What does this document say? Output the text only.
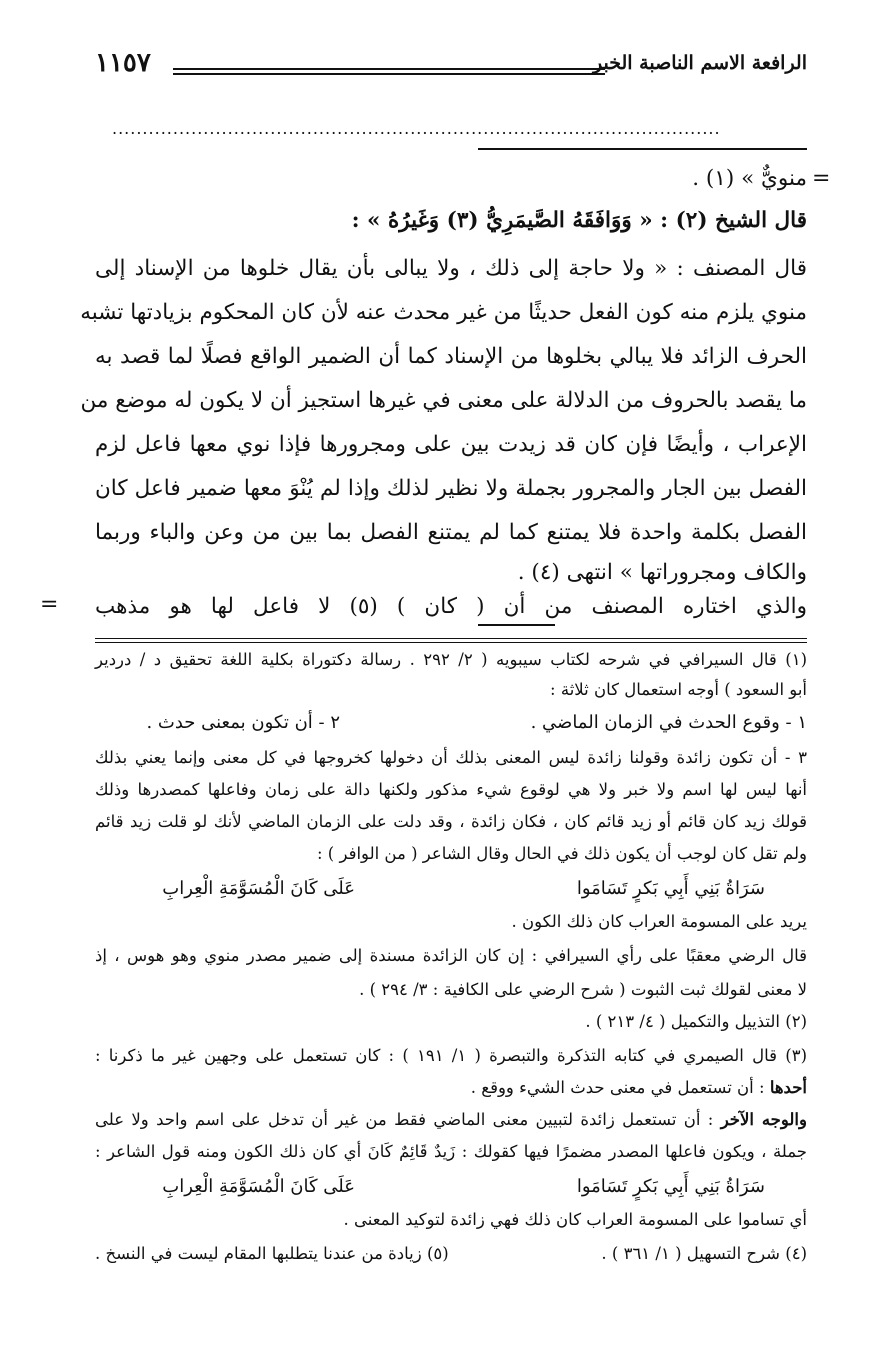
الرافعة الاسم الناصبة الخبر
١١٥٧
....................................................................................................
=
=
منويٌّ » (١) .
قال الشيخ (٢) : « وَوَافَقَهُ الصَّيمَرِيُّ (٣) وَغَيرُهُ » :
قال المصنف : « ولا حاجة إلى ذلك ، ولا يبالى بأن يقال خلوها من الإسناد إلى
منوي يلزم منه كون الفعل حديثًا من غير محدث عنه لأن كان المحكوم بزيادتها تشبه
الحرف الزائد فلا يبالي بخلوها من الإسناد كما أن الضمير الواقع فصلًا لما قصد به
ما يقصد بالحروف من الدلالة على معنى في غيرها استجيز أن لا يكون له موضع من
الإعراب ، وأيضًا فإن كان قد زيدت بين على ومجرورها فإذا نوي معها فاعل لزم
الفصل بين الجار والمجرور بجملة ولا نظير لذلك وإذا لم يُنْوَ معها ضمير فاعل كان
الفصل بكلمة واحدة فلا يمتنع كما لم يمتنع الفصل بما بين من وعن والباء وربما
والكاف ومجروراتها » انتهى (٤) .
والذي اختاره المصنف من أن ( كان ) (٥) لا فاعل لها هو مذهب
(١) قال السيرافي في شرحه لكتاب سيبويه ( ٢/ ٢٩٢ . رسالة دكتوراة بكلية اللغة تحقيق د / دردير
أبو السعود ) أوجه استعمال كان ثلاثة :
١ - وقوع الحدث في الزمان الماضي .
٢ - أن تكون بمعنى حدث .
٣ - أن تكون زائدة وقولنا زائدة ليس المعنى بذلك أن دخولها كخروجها في كل معنى وإنما يعني بذلك
أنها ليس لها اسم ولا خبر ولا هي لوقوع شيء مذكور ولكنها دالة على زمان وفاعلها كمصدرها وذلك
قولك زيد كان قائم أو زيد قائم كان ، فكان زائدة ، وقد دلت على الزمان الماضي لأنك لو قلت زيد قائم
ولم تقل كان لوجب أن يكون ذلك في الحال وقال الشاعر ( من الوافر ) :
سَرَاةُ بَنِي أَبِي بَكرٍ تَسَامَوا
عَلَى كَانَ الْمُسَوَّمَةِ الْعِرابِ
يريد على المسومة العراب كان ذلك الكون .
قال الرضي معقبًا على رأي السيرافي : إن كان الزائدة مسندة إلى ضمير مصدر منوي وهو هوس ، إذ
لا معنى لقولك ثبت الثبوت ( شرح الرضي على الكافية : ٣/ ٢٩٤ ) .
(٢) التذييل والتكميل ( ٤/ ٢١٣ ) .
(٣) قال الصيمري في كتابه التذكرة والتبصرة ( ١/ ١٩١ ) : كان تستعمل على وجهين غير ما ذكرنا :
أحدها : أن تستعمل في معنى حدث الشيء ووقع .
والوجه الآخر : أن تستعمل زائدة لتبيين معنى الماضي فقط من غير أن تدخل على اسم واحد ولا على
جملة ، ويكون فاعلها المصدر مضمرًا فيها كقولك : زَيدٌ قَائِمٌ كَانَ أي كان ذلك الكون ومنه قول الشاعر :
سَرَاةُ بَنِي أَبِي بَكرٍ تَسَامَوا
عَلَى كَانَ الْمُسَوَّمَةِ الْعِرابِ
أي تساموا على المسومة العراب كان ذلك فهي زائدة لتوكيد المعنى .
(٤) شرح التسهيل ( ١/ ٣٦١ ) .
(٥) زيادة من عندنا يتطلبها المقام ليست في النسخ .
